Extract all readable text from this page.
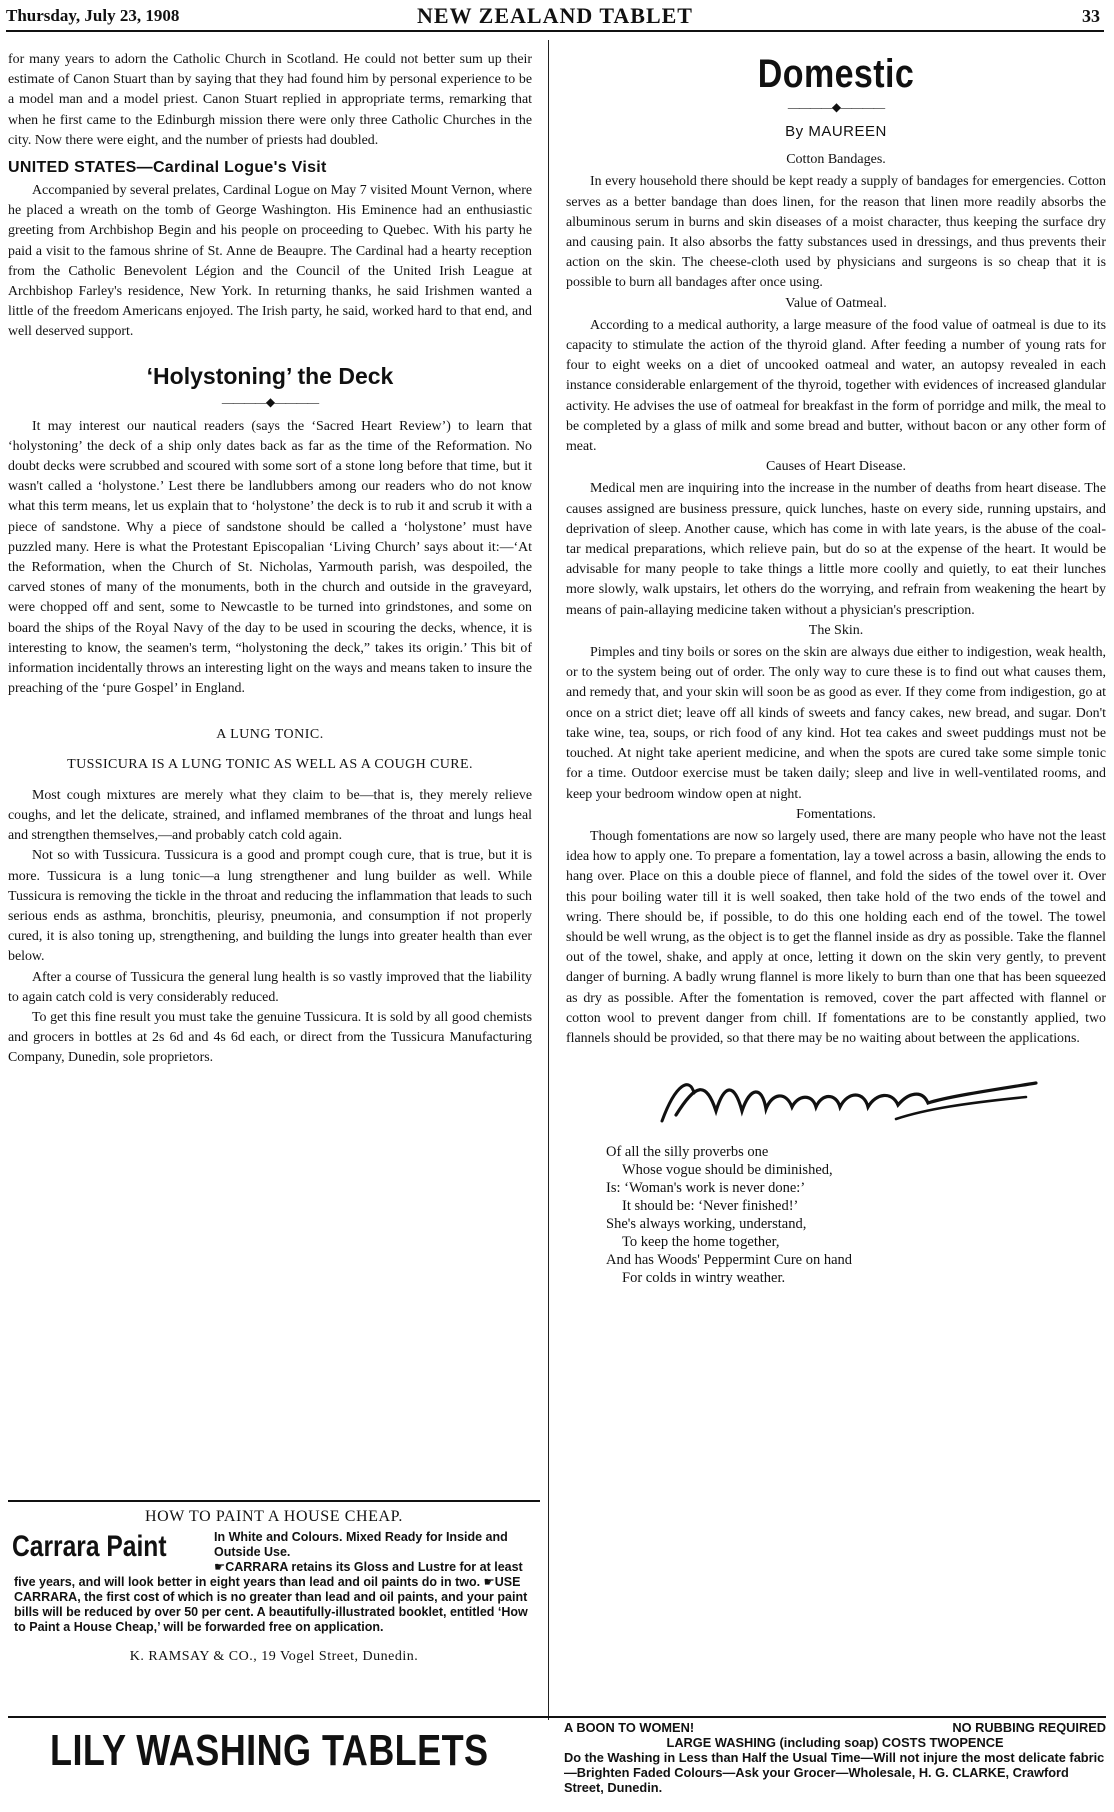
Thursday, July 23, 1908	NEW ZEALAND TABLET	33

for many years to adorn the Catholic Church in Scotland. He could not better sum up their estimate of Canon Stuart than by saying that they had found him by personal experience to be a model man and a model priest. Canon Stuart replied in appropriate terms, remarking that when he first came to the Edinburgh mission there were only three Catholic Churches in the city. Now there were eight, and the number of priests had doubled.

UNITED STATES—Cardinal Logue's Visit

Accompanied by several prelates, Cardinal Logue on May 7 visited Mount Vernon, where he placed a wreath on the tomb of George Washington. His Eminence had an enthusiastic greeting from Archbishop Begin and his people on proceeding to Quebec. With his party he paid a visit to the famous shrine of St. Anne de Beaupre. The Cardinal had a hearty reception from the Catholic Benevolent Légion and the Council of the United Irish League at Archbishop Farley's residence, New York. In returning thanks, he said Irishmen wanted a little of the freedom Americans enjoyed. The Irish party, he said, worked hard to that end, and well deserved support.

‘Holystoning’ the Deck
————◆————

It may interest our nautical readers (says the ‘Sacred Heart Review’) to learn that ‘holystoning’ the deck of a ship only dates back as far as the time of the Reformation. No doubt decks were scrubbed and scoured with some sort of a stone long before that time, but it wasn't called a ‘holystone.’ Lest there be landlubbers among our readers who do not know what this term means, let us explain that to ‘holystone’ the deck is to rub it and scrub it with a piece of sandstone. Why a piece of sandstone should be called a ‘holystone’ must have puzzled many. Here is what the Protestant Episcopalian ‘Living Church’ says about it:—‘At the Reformation, when the Church of St. Nicholas, Yarmouth parish, was despoiled, the carved stones of many of the monuments, both in the church and outside in the graveyard, were chopped off and sent, some to Newcastle to be turned into grindstones, and some on board the ships of the Royal Navy of the day to be used in scouring the decks, whence, it is interesting to know, the seamen's term, “holystoning the deck,” takes its origin.’ This bit of information incidentally throws an interesting light on the ways and means taken to insure the preaching of the ‘pure Gospel’ in England.

A LUNG TONIC.
TUSSICURA IS A LUNG TONIC AS WELL AS A COUGH CURE.

Most cough mixtures are merely what they claim to be—that is, they merely relieve coughs, and let the delicate, strained, and inflamed membranes of the throat and lungs heal and strengthen themselves,—and probably catch cold again.

Not so with Tussicura. Tussicura is a good and prompt cough cure, that is true, but it is more. Tussicura is a lung tonic—a lung strengthener and lung builder as well. While Tussicura is removing the tickle in the throat and reducing the inflammation that leads to such serious ends as asthma, bronchitis, pleurisy, pneumonia, and consumption if not properly cured, it is also toning up, strengthening, and building the lungs into greater health than ever below.

After a course of Tussicura the general lung health is so vastly improved that the liability to again catch cold is very considerably reduced.

To get this fine result you must take the genuine Tussicura. It is sold by all good chemists and grocers in bottles at 2s 6d and 4s 6d each, or direct from the Tussicura Manufacturing Company, Dunedin, sole proprietors.

Domestic
————◆————
By MAUREEN
Cotton Bandages.

In every household there should be kept ready a supply of bandages for emergencies. Cotton serves as a better bandage than does linen, for the reason that linen more readily absorbs the albuminous serum in burns and skin diseases of a moist character, thus keeping the surface dry and causing pain. It also absorbs the fatty substances used in dressings, and thus prevents their action on the skin. The cheese-cloth used by physicians and surgeons is so cheap that it is possible to burn all bandages after once using.

Value of Oatmeal.

According to a medical authority, a large measure of the food value of oatmeal is due to its capacity to stimulate the action of the thyroid gland. After feeding a number of young rats for four to eight weeks on a diet of uncooked oatmeal and water, an autopsy revealed in each instance considerable enlargement of the thyroid, together with evidences of increased glandular activity. He advises the use of oatmeal for breakfast in the form of porridge and milk, the meal to be completed by a glass of milk and some bread and butter, without bacon or any other form of meat.

Causes of Heart Disease.

Medical men are inquiring into the increase in the number of deaths from heart disease. The causes assigned are business pressure, quick lunches, haste on every side, running upstairs, and deprivation of sleep. Another cause, which has come in with late years, is the abuse of the coal-tar medical preparations, which relieve pain, but do so at the expense of the heart. It would be advisable for many people to take things a little more coolly and quietly, to eat their lunches more slowly, walk upstairs, let others do the worrying, and refrain from weakening the heart by means of pain-allaying medicine taken without a physician's prescription.

The Skin.

Pimples and tiny boils or sores on the skin are always due either to indigestion, weak health, or to the system being out of order. The only way to cure these is to find out what causes them, and remedy that, and your skin will soon be as good as ever. If they come from indigestion, go at once on a strict diet; leave off all kinds of sweets and fancy cakes, new bread, and sugar. Don't take wine, tea, soups, or rich food of any kind. Hot tea cakes and sweet puddings must not be touched. At night take aperient medicine, and when the spots are cured take some simple tonic for a time. Outdoor exercise must be taken daily; sleep and live in well-ventilated rooms, and keep your bedroom window open at night.

Fomentations.

Though fomentations are now so largely used, there are many people who have not the least idea how to apply one. To prepare a fomentation, lay a towel across a basin, allowing the ends to hang over. Place on this a double piece of flannel, and fold the sides of the towel over it. Over this pour boiling water till it is well soaked, then take hold of the two ends of the towel and wring. There should be, if possible, to do this one holding each end of the towel. The towel should be well wrung, as the object is to get the flannel inside as dry as possible. Take the flannel out of the towel, shake, and apply at once, letting it down on the skin very gently, to prevent danger of burning. A badly wrung flannel is more likely to burn than one that has been squeezed as dry as possible. After the fomentation is removed, cover the part affected with flannel or cotton wool to prevent danger from chill. If fomentations are to be constantly applied, two flannels should be provided, so that there may be no waiting about between the applications.

Of all the silly proverbs one
Whose vogue should be diminished,
Is: ‘Woman's work is never done:’
It should be: ‘Never finished!’
She's always working, understand,
To keep the home together,
And has Woods' Peppermint Cure on hand
For colds in wintry weather.
HOW TO PAINT A HOUSE CHEAP.
Carrara Paint	In White and Colours. Mixed Ready for Inside and Outside Use.
☛CARRARA retains its Gloss and Lustre for at least five years, and will look better in eight years than lead and oil paints do in two. ☛USE CARRARA, the first cost of which is no greater than lead and oil paints, and your paint bills will be reduced by over 50 per cent. A beautifully-illustrated booklet, entitled ‘How to Paint a House Cheap,’ will be forwarded free on application.
K. RAMSAY & CO., 19 Vogel Street, Dunedin.
LILY WASHING TABLETS	A BOON TO WOMEN!	NO RUBBING REQUIRED
LARGE WASHING (including soap) COSTS TWOPENCE
Do the Washing in Less than Half the Usual Time—Will not injure the most delicate fabric—Brighten Faded Colours—Ask your Grocer—Wholesale, H. G. CLARKE, Crawford Street, Dunedin.
